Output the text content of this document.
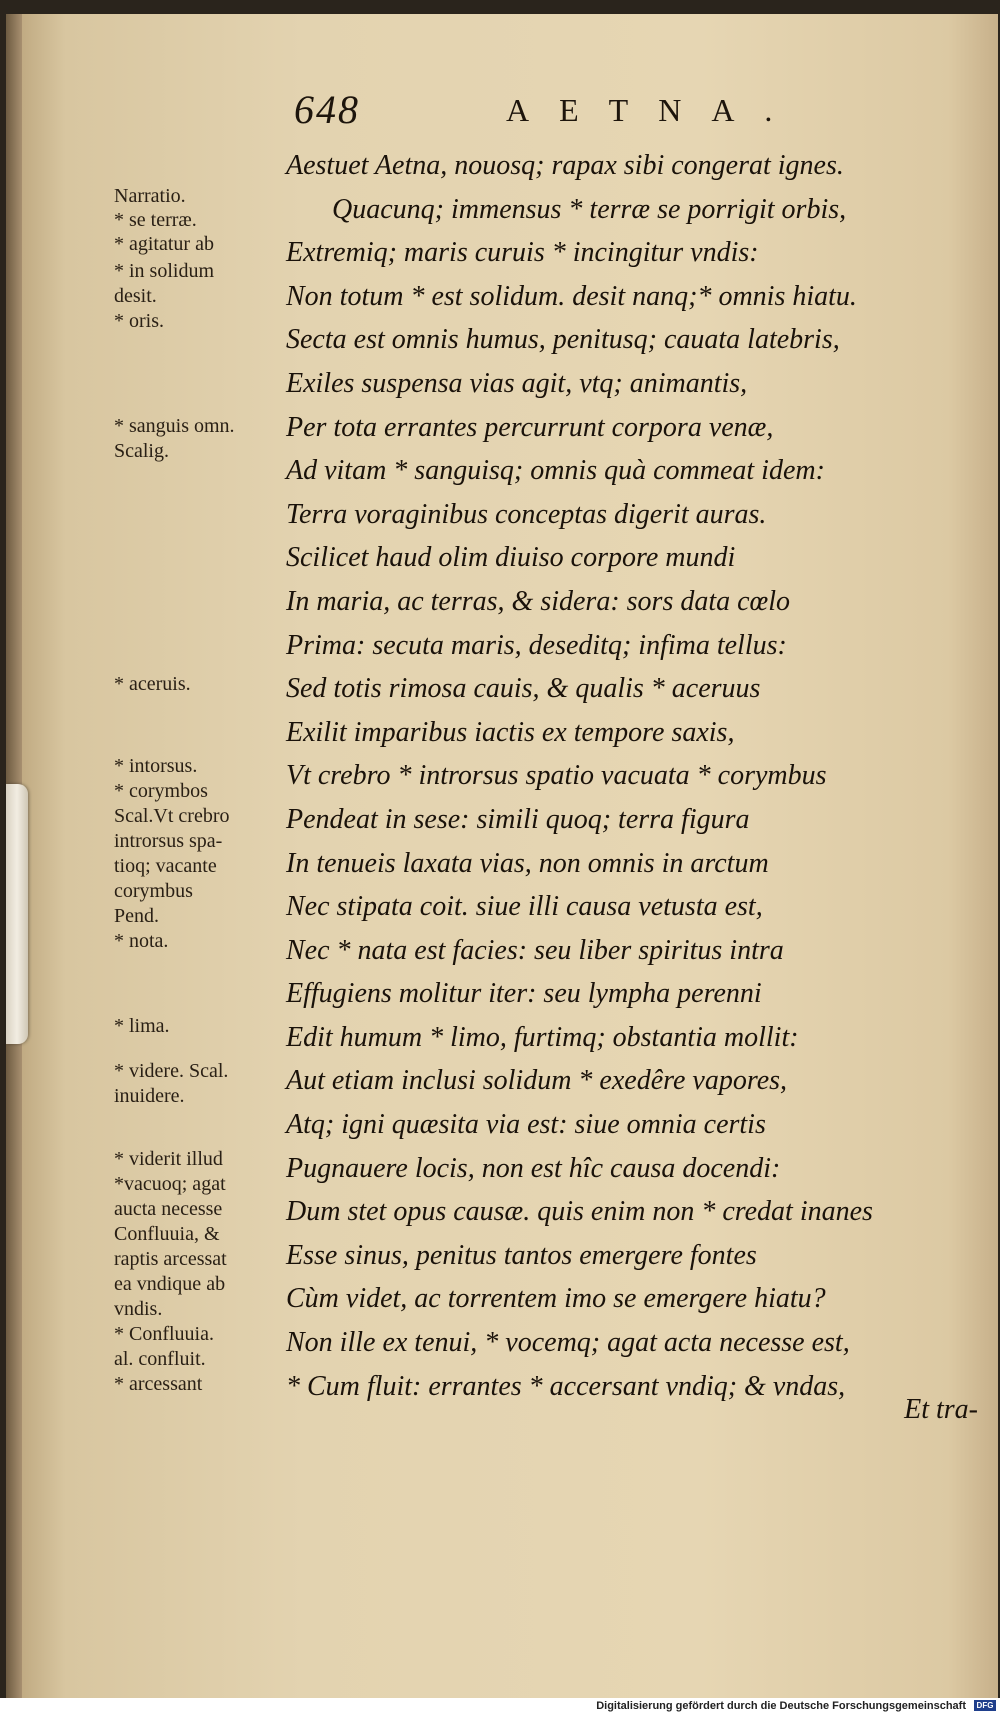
648	AETNA.
Aestuet Aetna, nouosq; rapax sibi congerat ignes.
Quacunq; immensus * terræ se porrigit orbis,
Extremiq; maris curuis * incingitur vndis:
Non totum * est solidum. desit nanq;* omnis hiatu.
Secta est omnis humus, penitusq; cauata latebris,
Exiles suspensa vias agit, vtq; animantis,
Per tota errantes percurrunt corpora venæ,
Ad vitam * sanguisq; omnis quà commeat idem:
Terra voraginibus conceptas digerit auras.
Scilicet haud olim diuiso corpore mundi
In maria, ac terras, & sidera: sors data cœlo
Prima: secuta maris, deseditq; infima tellus:
Sed totis rimosa cauis, & qualis * aceruus
Exilit imparibus iactis ex tempore saxis,
Vt crebro * introrsus spatio vacuata * corymbus
Pendeat in sese: simili quoq; terra figura
In tenueis laxata vias, non omnis in arctum
Nec stipata coit. siue illi causa vetusta est,
Nec * nata est facies: seu liber spiritus intra
Effugiens molitur iter: seu lympha perenni
Edit humum * limo, furtimq; obstantia mollit:
Aut etiam inclusi solidum * exedêre vapores,
Atq; igni quæsita via est: siue omnia certis
Pugnauere locis, non est hîc causa docendi:
Dum stet opus causæ. quis enim non * credat inanes
Esse sinus, penitus tantos emergere fontes
Cùm videt, ac torrentem imo se emergere hiatu?
Non ille ex tenui, * vocemq; agat acta necesse est,
* Cum fluit: errantes * accersant vndiq; & vndas,
Et tra-
Narratio.
* se terræ.
* agitatur ab
* in solidum
desit.
* oris.
* sanguis omn.
Scalig.
* aceruis.
* intorsus.
* corymbos
Scal.Vt crebro
introrsus spa-
tioq; vacante
corymbus
Pend.
* nota.
* lima.
* videre. Scal.
inuidere.
* viderit illud
*vacuoq; agat
aucta necesse
Confluuia, &
raptis arcessat
ea vndique ab
vndis.
* Confluuia.
al. confluit.
* arcessant
Digitalisierung gefördert durch die Deutsche Forschungsgemeinschaft	DFG
